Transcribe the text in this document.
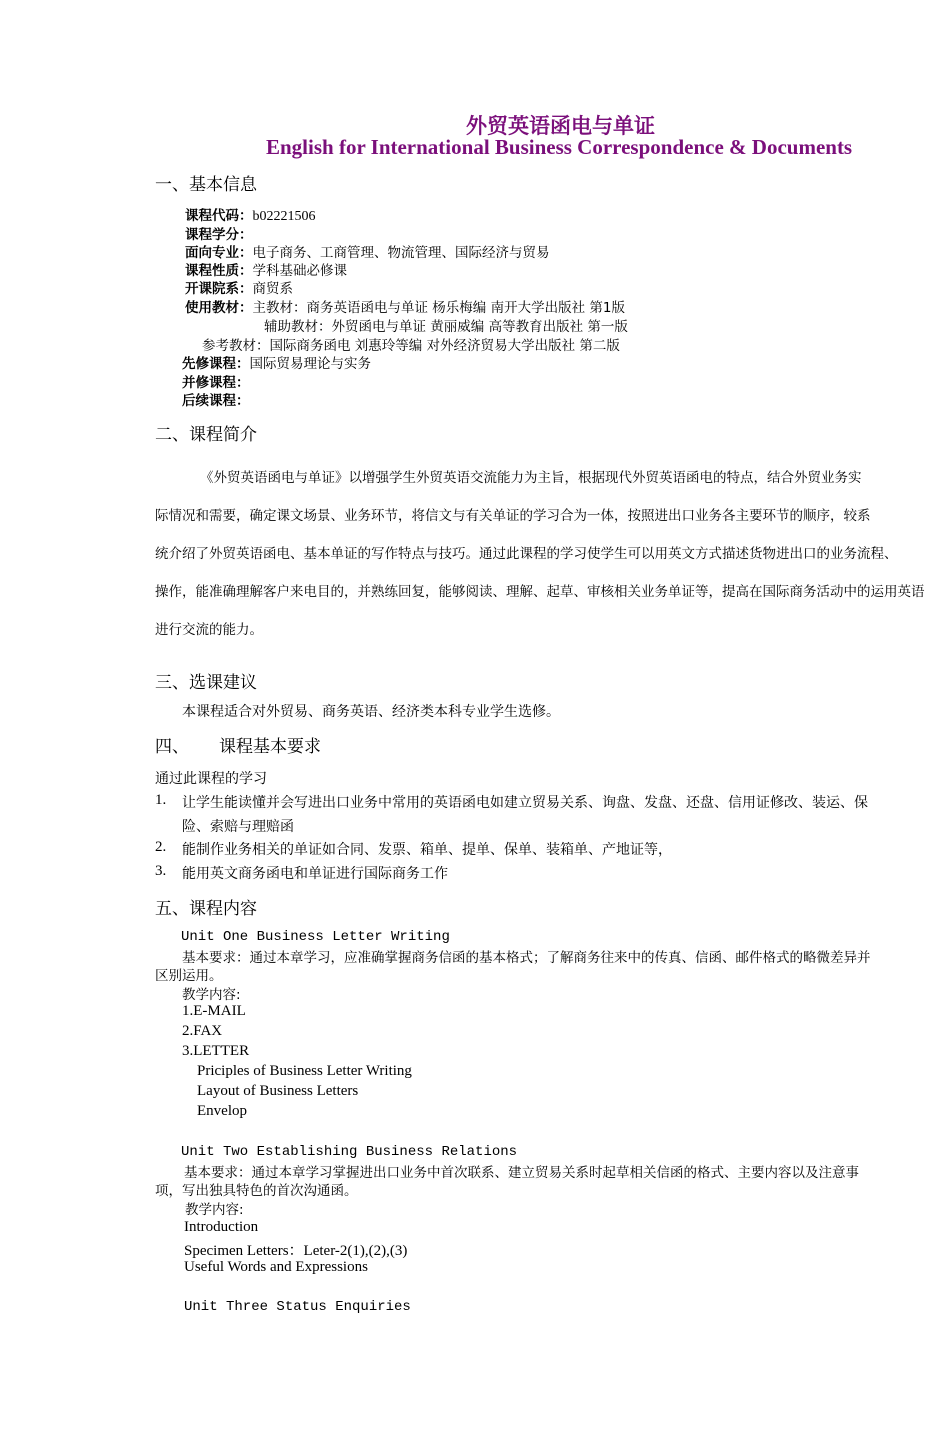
外贸英语函电与单证
English for International Business Correspondence & Documents
一、基本信息
课程代码：b02221506
课程学分：
面向专业：电子商务、工商管理、物流管理、国际经济与贸易
课程性质：学科基础必修课
开课院系：商贸系
使用教材：主教材：商务英语函电与单证 杨乐梅编 南开大学出版社 第1版
辅助教材：外贸函电与单证 黄丽威编 高等教育出版社 第一版
参考教材：国际商务函电 刘惠玲等编 对外经济贸易大学出版社 第二版
先修课程：国际贸易理论与实务
并修课程：
后续课程：
二、课程简介
《外贸英语函电与单证》以增强学生外贸英语交流能力为主旨，根据现代外贸英语函电的特点，结合外贸业务实
际情况和需要，确定课文场景、业务环节，将信文与有关单证的学习合为一体，按照进出口业务各主要环节的顺序，较系
统介绍了外贸英语函电、基本单证的写作特点与技巧。通过此课程的学习使学生可以用英文方式描述货物进出口的业务流程、
操作，能准确理解客户来电目的，并熟练回复，能够阅读、理解、起草、审核相关业务单证等，提高在国际商务活动中的运用英语
进行交流的能力。
三、选课建议
本课程适合对外贸易、商务英语、经济类本科专业学生选修。
四、 课程基本要求
通过此课程的学习
1. 让学生能读懂并会写进出口业务中常用的英语函电如建立贸易关系、询盘、发盘、还盘、信用证修改、装运、保
险、索赔与理赔函
2. 能制作业务相关的单证如合同、发票、箱单、提单、保单、装箱单、产地证等，
3. 能用英文商务函电和单证进行国际商务工作
五、课程内容
Unit One Business Letter Writing
基本要求：通过本章学习，应准确掌握商务信函的基本格式；了解商务往来中的传真、信函、邮件格式的略微差异并
区别运用。
教学内容:
1.E-MAIL
2.FAX
3.LETTER
Priciples of Business Letter Writing
Layout of Business Letters
Envelop
Unit Two Establishing Business Relations
基本要求：通过本章学习掌握进出口业务中首次联系、建立贸易关系时起草相关信函的格式、主要内容以及注意事
项，写出独具特色的首次沟通函。
教学内容:
Introduction
Specimen Letters：Leter-2(1),(2),(3)
Useful Words and Expressions
Unit Three Status Enquiries
